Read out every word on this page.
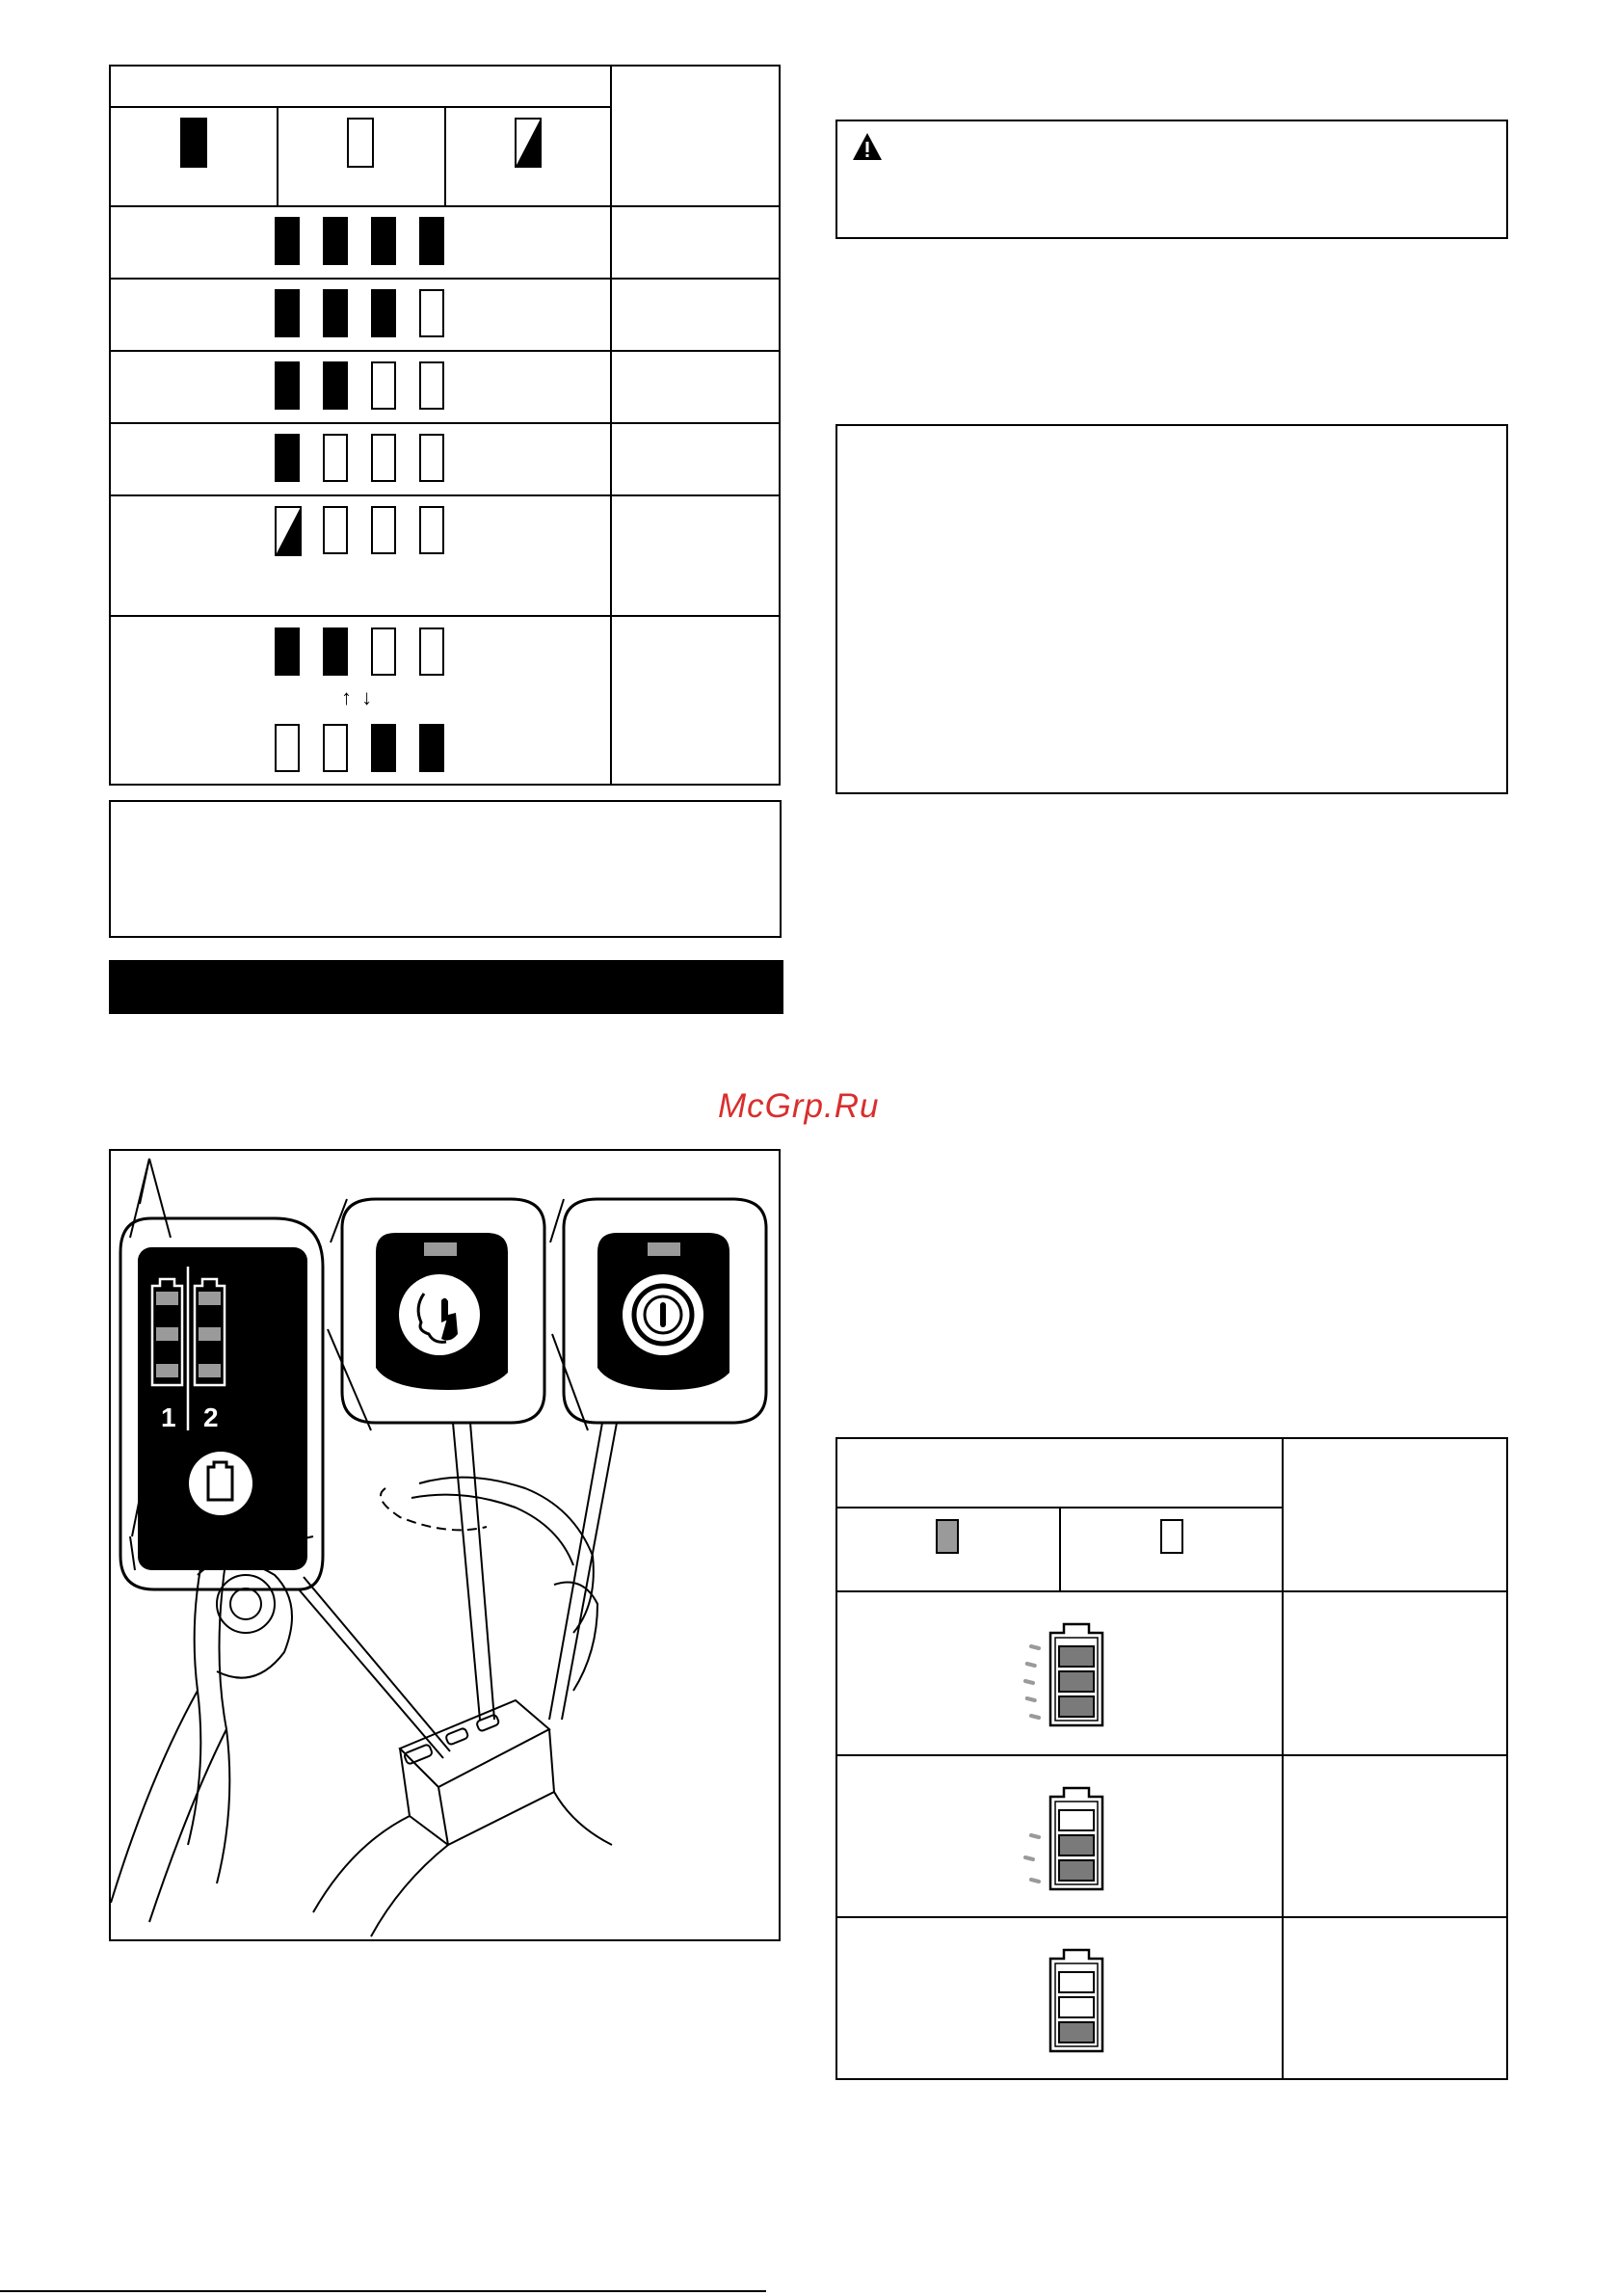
↑ ↓
1 2
McGrp.Ru
